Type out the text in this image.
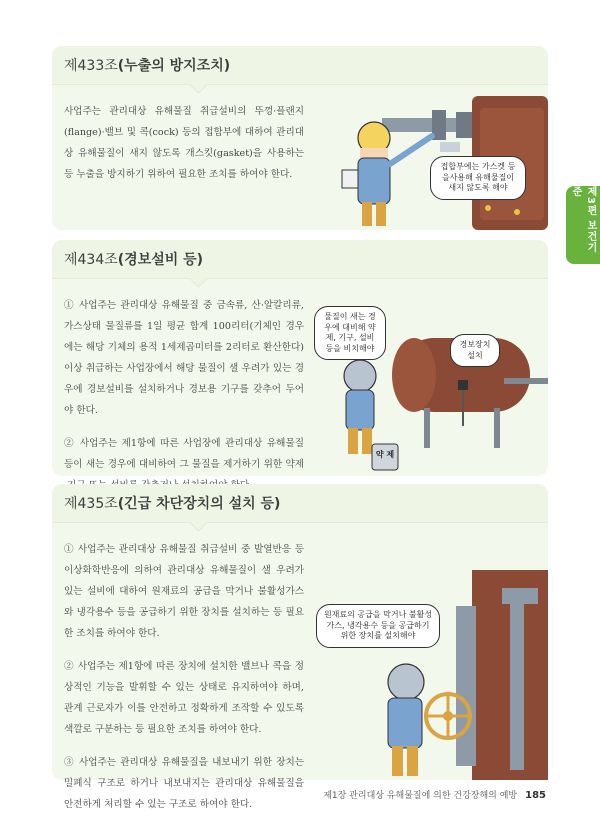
제3편 보건기준
제433조(누출의 방지조치)

사업주는 관리대상 유해물질 취급설비의 뚜껑·플랜지(flange)·밸브 및 콕(cock) 등의 접합부에 대하여 관리대상 유해물질이 새지 않도록 개스킷(gasket)을 사용하는 등 누출을 방지하기 위하여 필요한 조치를 하여야 한다.

접합부에는 가스켓 등을사용해 유해물질이 새지 않도록 해야
제434조(경보설비 등)

① 사업주는 관리대상 유해물질 중 금속류, 산·알칼리류, 가스상태 물질류를 1일 평균 합계 100리터(기체인 경우에는 해당 기체의 용적 1세제곱미터를 2리터로 환산한다) 이상 취급하는 사업장에서 해당 물질이 샐 우려가 있는 경우에 경보설비를 설치하거나 경보용 기구를 갖추어 두어야 한다.

② 사업주는 제1항에 따른 사업장에 관리대상 유해물질 등이 새는 경우에 대비하여 그 물질을 제거하기 위한 약제

물질이 새는 경우에 대비해 약제, 기구, 설비 등을 비치해야	경보장치 설치
약 제
제435조(긴급 차단장치의 설치 등)

① 사업주는 관리대상 유해물질 취급설비 중 발열반응 등 이상화학반응에 의하여 관리대상 유해물질이 샐 우려가 있는 설비에 대하여 원재료의 공급을 막거나 불활성가스와 냉각용수 등을 공급하기 위한 장치를 설치하는 등 필요한 조치를 하여야 한다.

② 사업주는 제1항에 따른 장치에 설치한 밸브나 콕을 정상적인 기능을 발휘할 수 있는 상태로 유지하여야 하며, 관계 근로자가 이를 안전하고 정확하게 조작할 수 있도록 색깔로 구분하는 등 필요한 조치를 하여야 한다.

③ 사업주는 관리대상 유해물질을 내보내기 위한 장치는 밀폐식 구조로 하거나 내보내지는 관리대상 유해물질을 안전하게 처리할 수 있는 구조로 하여야 한다.

원재료의 공급을 막거나 불활성가스, 냉각용수 등을 공급하기 위한 장치를 설치해야
제1장 관리대상 유해물질에 의한 건강장해의 예방 185
